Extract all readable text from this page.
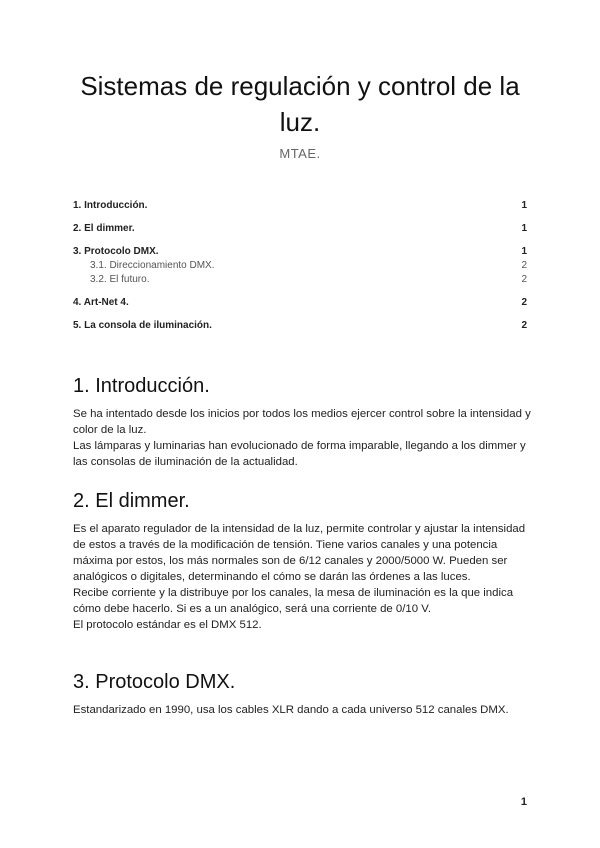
Sistemas de regulación y control de la luz.
MTAE.
1. Introducción.	1
2. El dimmer.	1
3. Protocolo DMX.	1
3.1. Direccionamiento DMX.	2
3.2. El futuro.	2
4. Art-Net 4.	2
5. La consola de iluminación.	2
1. Introducción.

Se ha intentado desde los inicios por todos los medios ejercer control sobre la intensidad y color de la luz.

Las lámparas y luminarias han evolucionado de forma imparable, llegando a los dimmer y las consolas de iluminación de la actualidad.

2. El dimmer.

Es el aparato regulador de la intensidad de la luz, permite controlar y ajustar la intensidad de estos a través de la modificación de tensión. Tiene varios canales y una potencia máxima por estos, los más normales son de 6/12 canales y 2000/5000 W. Pueden ser analógicos o digitales, determinando el cómo se darán las órdenes a las luces.

Recibe corriente y la distribuye por los canales, la mesa de iluminación es la que indica cómo debe hacerlo. Si es a un analógico, será una corriente de 0/10 V.

El protocolo estándar es el DMX 512.

3. Protocolo DMX.

Estandarizado en 1990, usa los cables XLR dando a cada universo 512 canales DMX.

1
